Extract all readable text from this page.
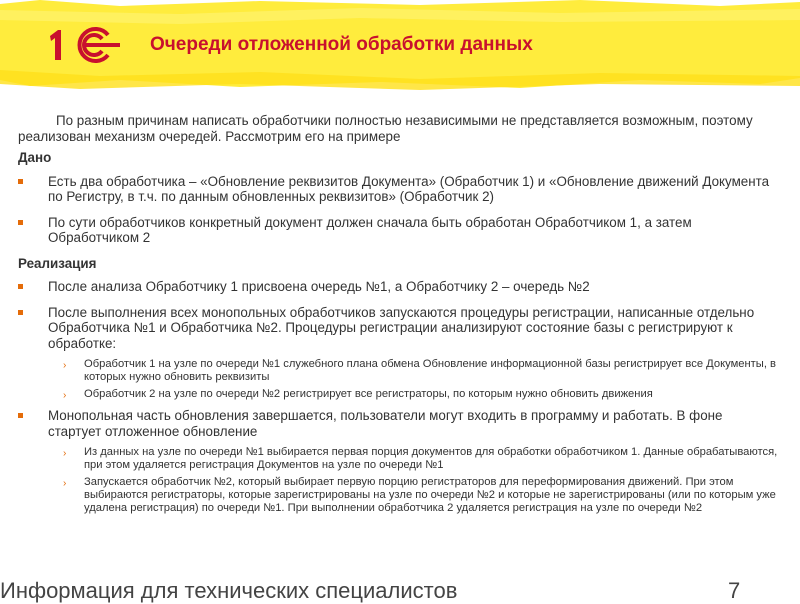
Очереди отложенной обработки данных

По разным причинам написать обработчики полностью независимыми не представляется возможным, поэтому реализован механизм очередей. Рассмотрим его на примере

Дано
Есть два обработчика – «Обновление реквизитов Документа» (Обработчик 1) и «Обновление движений Документа по Регистру, в т.ч. по данным обновленных реквизитов» (Обработчик 2)
По сути обработчиков конкретный документ должен сначала быть обработан Обработчиком 1, а затем Обработчиком 2
Реализация
После анализа Обработчику 1 присвоена очередь №1, а Обработчику 2 – очередь №2
После выполнения всех монопольных обработчиков запускаются процедуры регистрации, написанные отдельно Обработчика №1 и Обработчика №2. Процедуры регистрации анализируют состояние базы с регистрируют к обработке:
› Обработчик 1 на узле по очереди №1 служебного плана обмена Обновление информационной базы регистрирует все Документы, в которых нужно обновить реквизиты
› Обработчик 2 на узле по очереди №2 регистрирует все регистраторы, по которым нужно обновить движения
Монопольная часть обновления завершается, пользователи могут входить в программу и работать. В фоне стартует отложенное обновление
› Из данных на узле по очереди №1 выбирается первая порция документов для обработки обработчиком 1. Данные обрабатываются, при этом удаляется регистрация Документов на узле по очереди №1
› Запускается обработчик №2, который выбирает первую порцию регистраторов для переформирования движений. При этом выбираются регистраторы, которые зарегистрированы на узле по очереди №2 и которые не зарегистрированы (или по которым уже удалена регистрация) по очереди №1. При выполнении обработчика 2 удаляется регистрация на узле по очереди №2
Информация для технических специалистов	7
